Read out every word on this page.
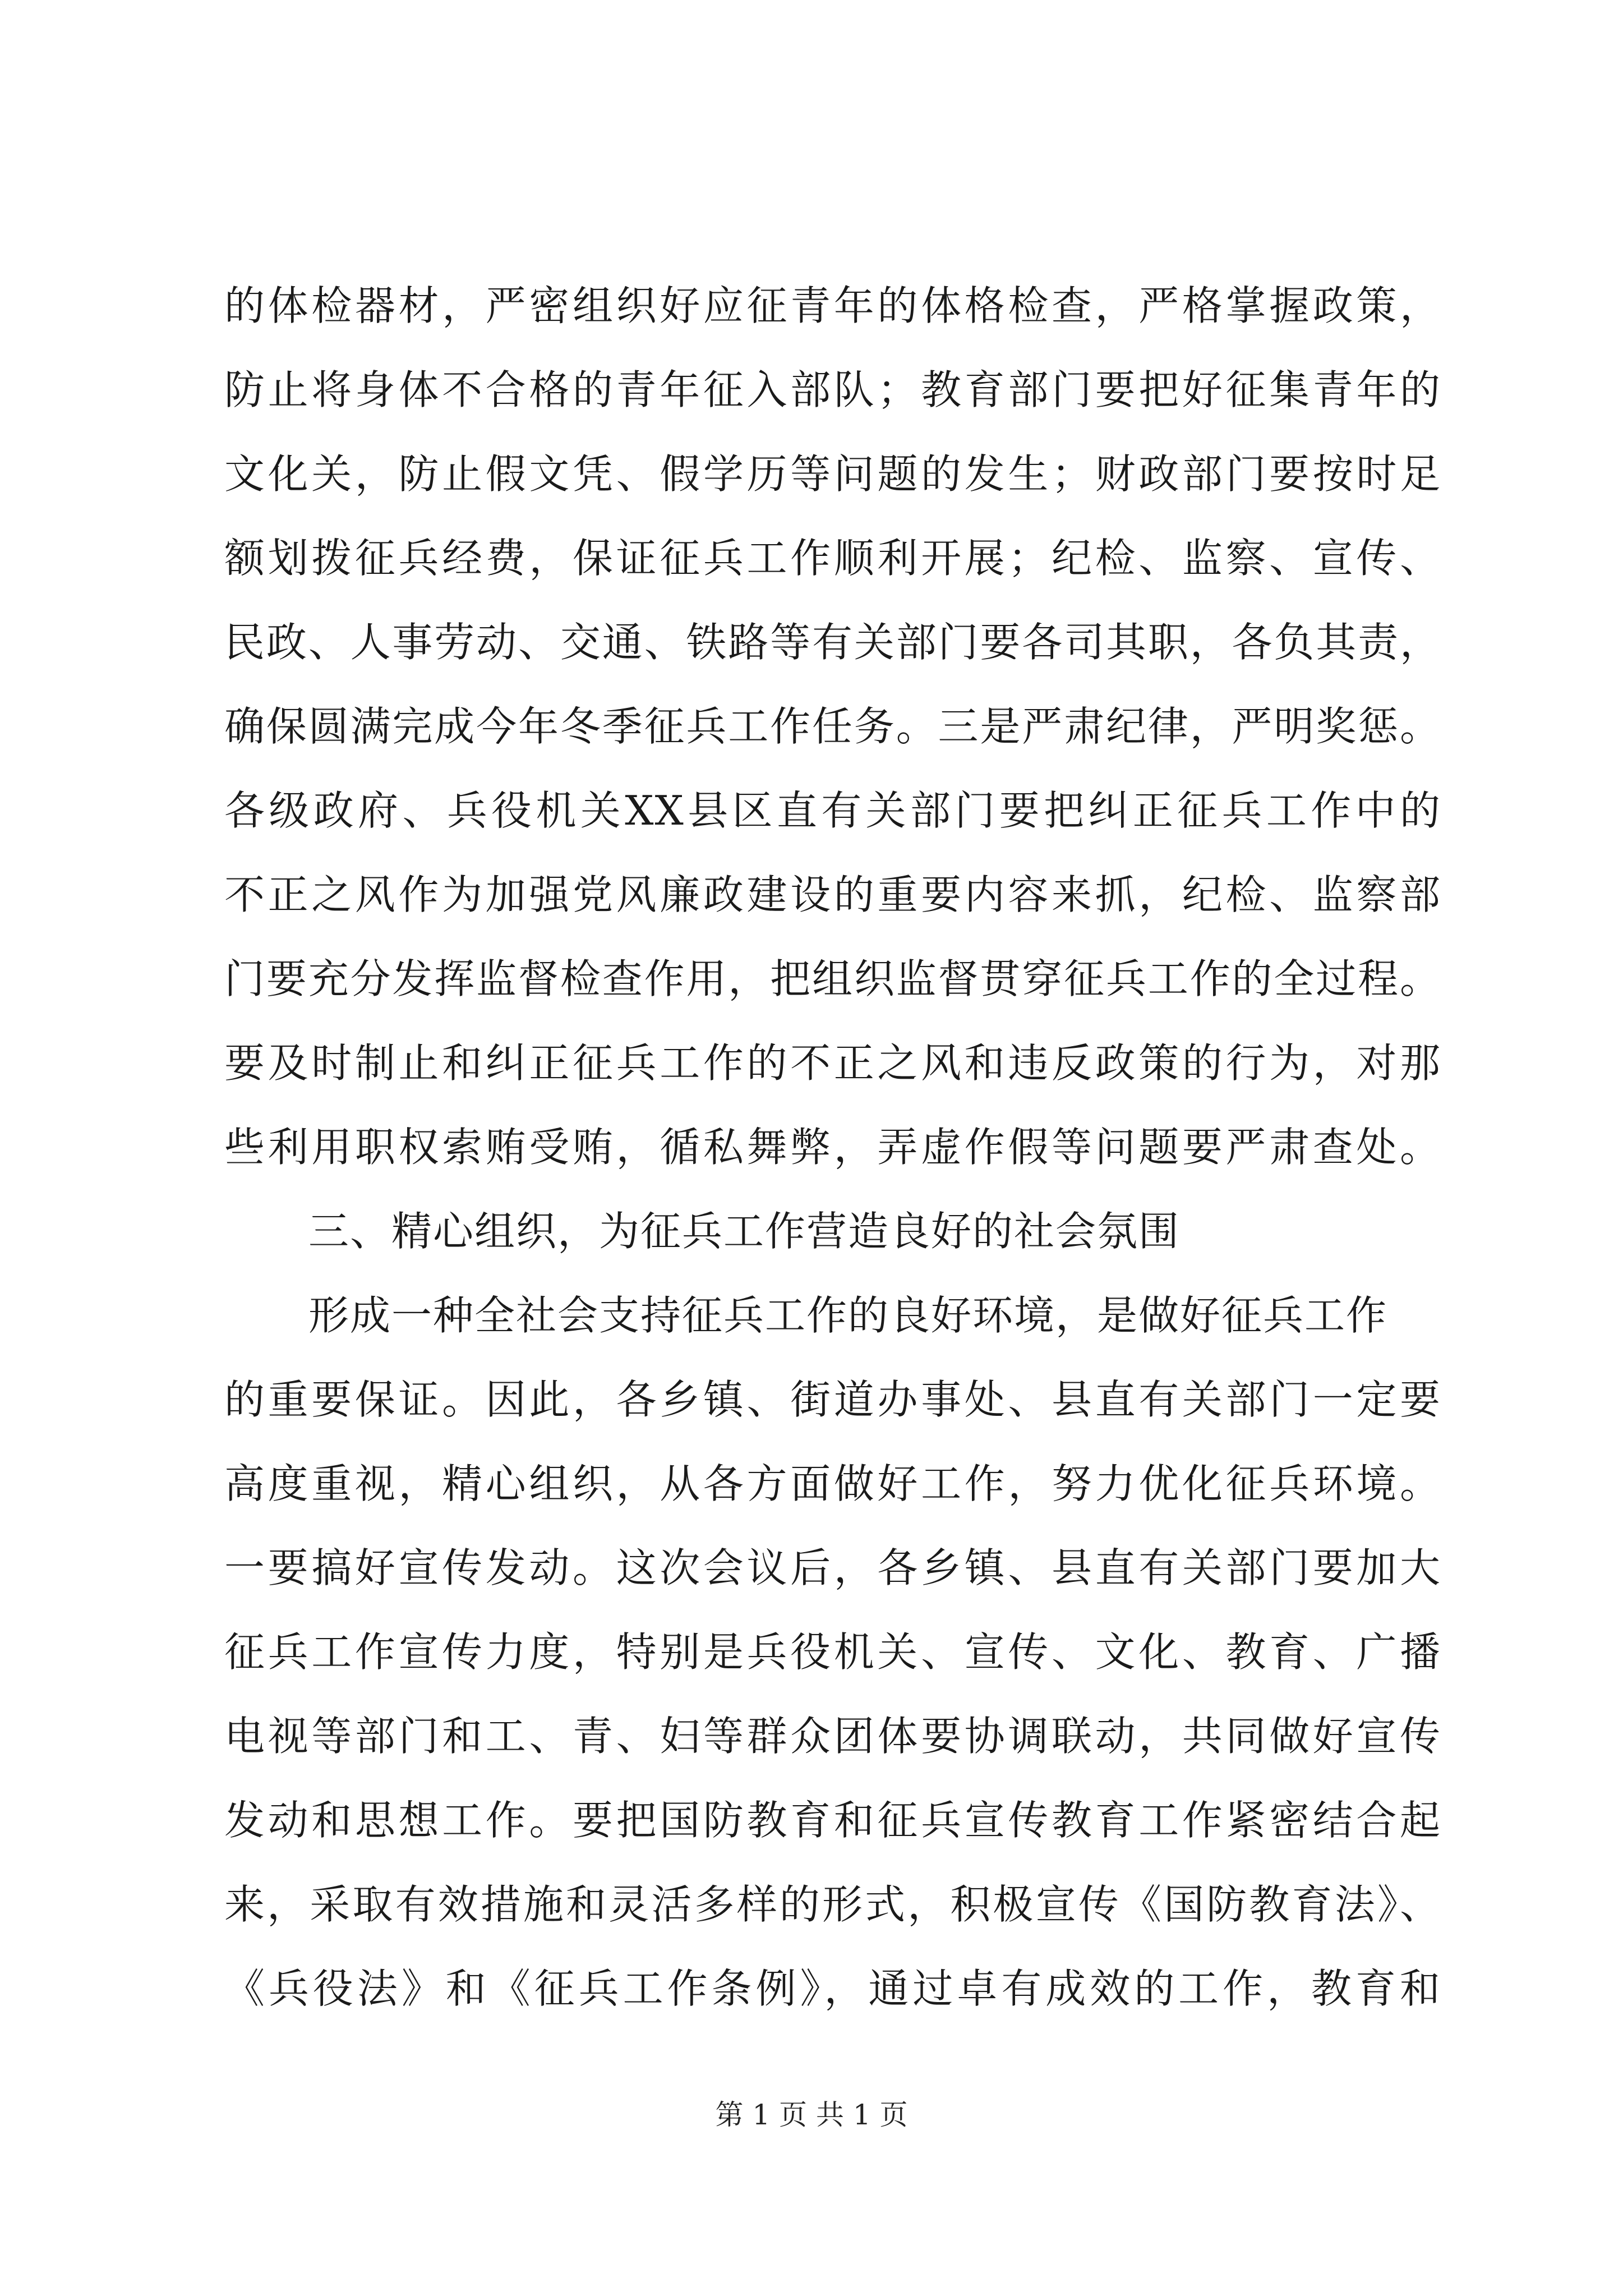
的体检器材，严密组织好应征青年的体格检查，严格掌握政策，
防止将身体不合格的青年征入部队；教育部门要把好征集青年的
文化关，防止假文凭、假学历等问题的发生；财政部门要按时足
额划拨征兵经费，保证征兵工作顺利开展；纪检、监察、宣传、
民政、人事劳动、交通、铁路等有关部门要各司其职，各负其责，
确保圆满完成今年冬季征兵工作任务。三是严肃纪律，严明奖惩。
各级政府、兵役机关XX县区直有关部门要把纠正征兵工作中的
不正之风作为加强党风廉政建设的重要内容来抓，纪检、监察部
门要充分发挥监督检查作用，把组织监督贯穿征兵工作的全过程。
要及时制止和纠正征兵工作的不正之风和违反政策的行为，对那
些利用职权索贿受贿，循私舞弊，弄虚作假等问题要严肃查处。
三、精心组织，为征兵工作营造良好的社会氛围
形成一种全社会支持征兵工作的良好环境，是做好征兵工作
的重要保证。因此，各乡镇、街道办事处、县直有关部门一定要
高度重视，精心组织，从各方面做好工作，努力优化征兵环境。
一要搞好宣传发动。这次会议后，各乡镇、县直有关部门要加大
征兵工作宣传力度，特别是兵役机关、宣传、文化、教育、广播
电视等部门和工、青、妇等群众团体要协调联动，共同做好宣传
发动和思想工作。要把国防教育和征兵宣传教育工作紧密结合起
来，采取有效措施和灵活多样的形式，积极宣传《国防教育法》、
《兵役法》和《征兵工作条例》，通过卓有成效的工作，教育和
第 1 页 共 1 页
